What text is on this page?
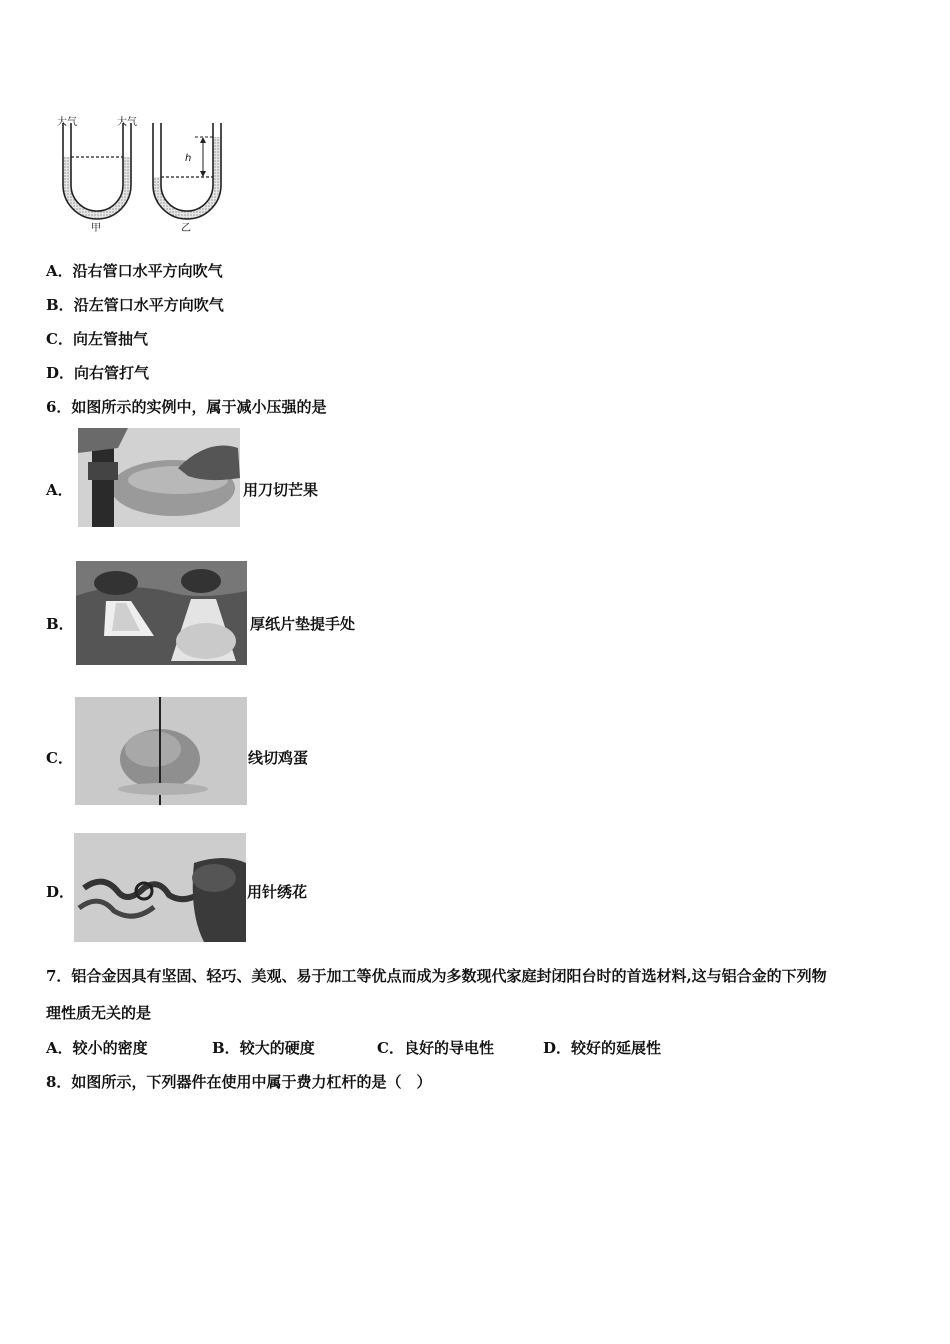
大气	大气
h
甲	乙
A．沿右管口水平方向吹气
B．沿左管口水平方向吹气
C．向左管抽气
D．向右管打气
6．如图所示的实例中，属于减小压强的是
A．	用刀切芒果
B．	厚纸片垫提手处
C．	线切鸡蛋
D．	用针绣花
7．铝合金因具有坚固、轻巧、美观、易于加工等优点而成为多数现代家庭封闭阳台时的首选材料,这与铝合金的下列物
理性质无关的是
A．较小的密度	B．较大的硬度	C．良好的导电性	D．较好的延展性
8．如图所示，下列器件在使用中属于费力杠杆的是（　）
